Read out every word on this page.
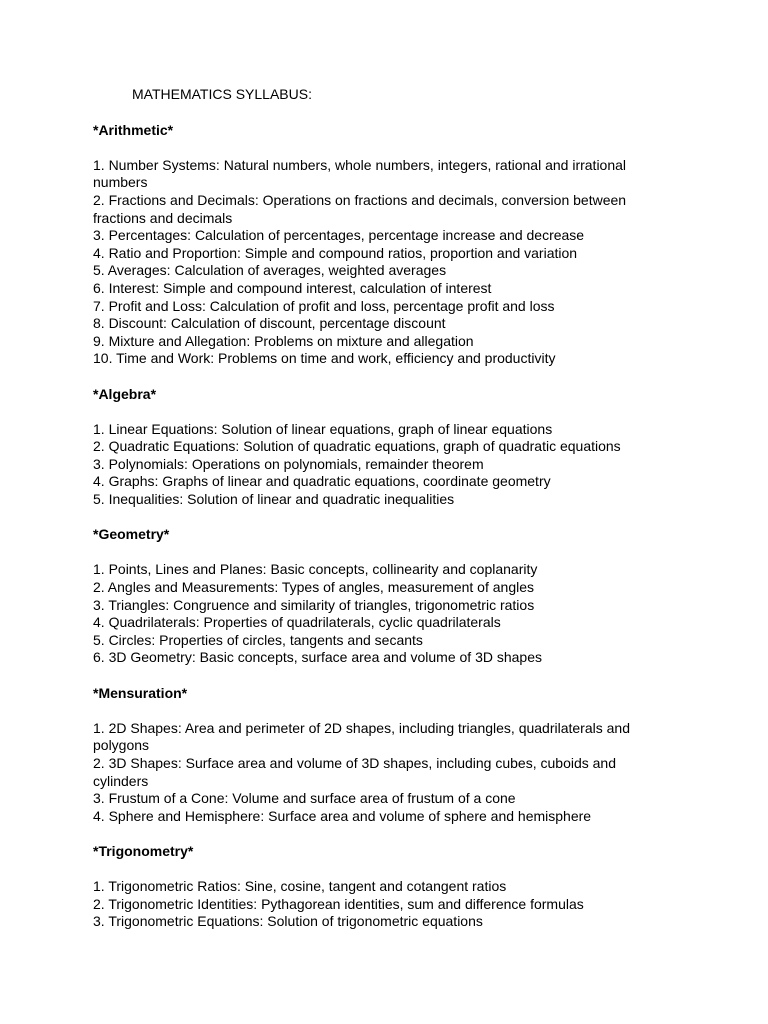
MATHEMATICS SYLLABUS:
*Arithmetic*
1. Number Systems: Natural numbers, whole numbers, integers, rational and irrational numbers
2. Fractions and Decimals: Operations on fractions and decimals, conversion between fractions and decimals
3. Percentages: Calculation of percentages, percentage increase and decrease
4. Ratio and Proportion: Simple and compound ratios, proportion and variation
5. Averages: Calculation of averages, weighted averages
6. Interest: Simple and compound interest, calculation of interest
7. Profit and Loss: Calculation of profit and loss, percentage profit and loss
8. Discount: Calculation of discount, percentage discount
9. Mixture and Allegation: Problems on mixture and allegation
10. Time and Work: Problems on time and work, efficiency and productivity
*Algebra*
1. Linear Equations: Solution of linear equations, graph of linear equations
2. Quadratic Equations: Solution of quadratic equations, graph of quadratic equations
3. Polynomials: Operations on polynomials, remainder theorem
4. Graphs: Graphs of linear and quadratic equations, coordinate geometry
5. Inequalities: Solution of linear and quadratic inequalities
*Geometry*
1. Points, Lines and Planes: Basic concepts, collinearity and coplanarity
2. Angles and Measurements: Types of angles, measurement of angles
3. Triangles: Congruence and similarity of triangles, trigonometric ratios
4. Quadrilaterals: Properties of quadrilaterals, cyclic quadrilaterals
5. Circles: Properties of circles, tangents and secants
6. 3D Geometry: Basic concepts, surface area and volume of 3D shapes
*Mensuration*
1. 2D Shapes: Area and perimeter of 2D shapes, including triangles, quadrilaterals and polygons
2. 3D Shapes: Surface area and volume of 3D shapes, including cubes, cuboids and cylinders
3. Frustum of a Cone: Volume and surface area of frustum of a cone
4. Sphere and Hemisphere: Surface area and volume of sphere and hemisphere
*Trigonometry*
1. Trigonometric Ratios: Sine, cosine, tangent and cotangent ratios
2. Trigonometric Identities: Pythagorean identities, sum and difference formulas
3. Trigonometric Equations: Solution of trigonometric equations
